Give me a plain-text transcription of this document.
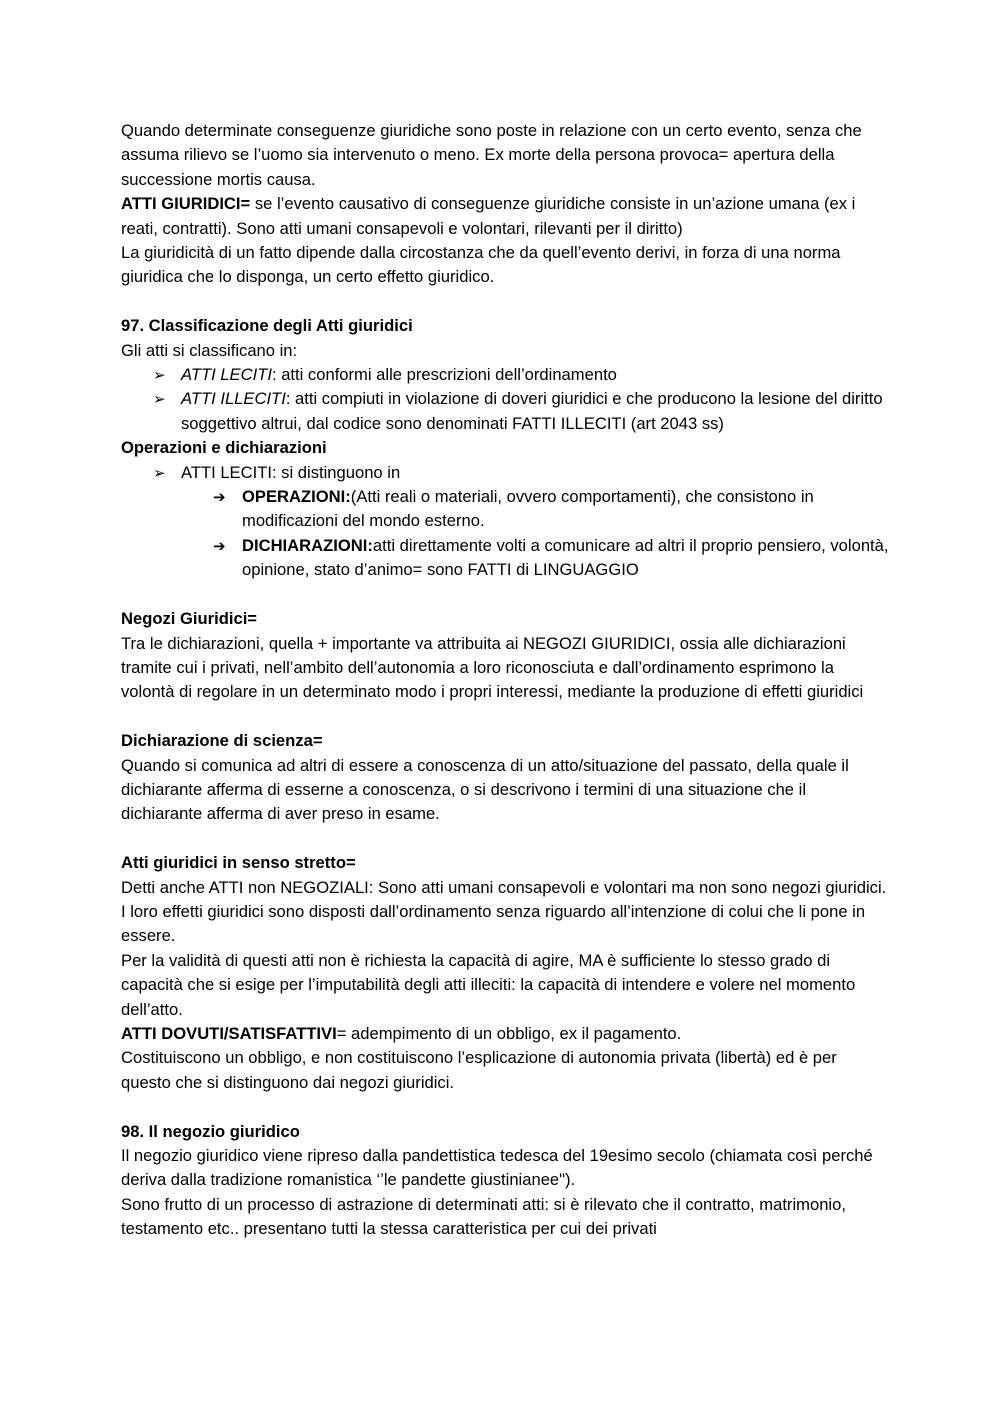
Quando determinate conseguenze giuridiche sono poste in relazione con un certo evento, senza che assuma rilievo se l’uomo sia intervenuto o meno. Ex morte della persona provoca= apertura della successione mortis causa.

ATTI GIURIDICI= se l’evento causativo di conseguenze giuridiche consiste in un’azione umana (ex i reati, contratti). Sono atti umani consapevoli e volontari, rilevanti per il diritto)

La giuridicità di un fatto dipende dalla circostanza che da quell’evento derivi, in forza di una norma giuridica che lo disponga, un certo effetto giuridico.

97. Classificazione degli Atti giuridici

Gli atti si classificano in:

➢ ATTI LECITI: atti conformi alle prescrizioni dell’ordinamento

➢ ATTI ILLECITI: atti compiuti in violazione di doveri giuridici e che producono la lesione del diritto soggettivo altrui, dal codice sono denominati FATTI ILLECITI (art 2043 ss)

Operazioni e dichiarazioni

➢ ATTI LECITI: si distinguono in

➔ OPERAZIONI:(Atti reali o materiali, ovvero comportamenti), che consistono in modificazioni del mondo esterno.

➔ DICHIARAZIONI:atti direttamente volti a comunicare ad altri il proprio pensiero, volontà, opinione, stato d’animo= sono FATTI di LINGUAGGIO

Negozi Giuridici=

Tra le dichiarazioni, quella + importante va attribuita ai NEGOZI GIURIDICI, ossia alle dichiarazioni tramite cui i privati, nell’ambito dell’autonomia a loro riconosciuta e dall’ordinamento esprimono la volontà di regolare in un determinato modo i propri interessi, mediante la produzione di effetti giuridici

Dichiarazione di scienza=

Quando si comunica ad altri di essere a conoscenza di un atto/situazione del passato, della quale il dichiarante afferma di esserne a conoscenza, o si descrivono i termini di una situazione che il dichiarante afferma di aver preso in esame.

Atti giuridici in senso stretto=

Detti anche ATTI non NEGOZIALI: Sono atti umani consapevoli e volontari ma non sono negozi giuridici. I loro effetti giuridici sono disposti dall’ordinamento senza riguardo all’intenzione di colui che li pone in essere.

Per la validità di questi atti non è richiesta la capacità di agire, MA è sufficiente lo stesso grado di capacità che si esige per l’imputabilità degli atti illeciti: la capacità di intendere e volere nel momento dell’atto.

ATTI DOVUTI/SATISFATTIVI= adempimento di un obbligo, ex il pagamento.

Costituiscono un obbligo, e non costituiscono l’esplicazione di autonomia privata (libertà) ed è per questo che si distinguono dai negozi giuridici.

98. Il negozio giuridico

Il negozio giuridico viene ripreso dalla pandettistica tedesca del 19esimo secolo (chiamata così perché deriva dalla tradizione romanistica ‘’le pandette giustinianee").

Sono frutto di un processo di astrazione di determinati atti: si è rilevato che il contratto, matrimonio, testamento etc.. presentano tutti la stessa caratteristica per cui dei privati
